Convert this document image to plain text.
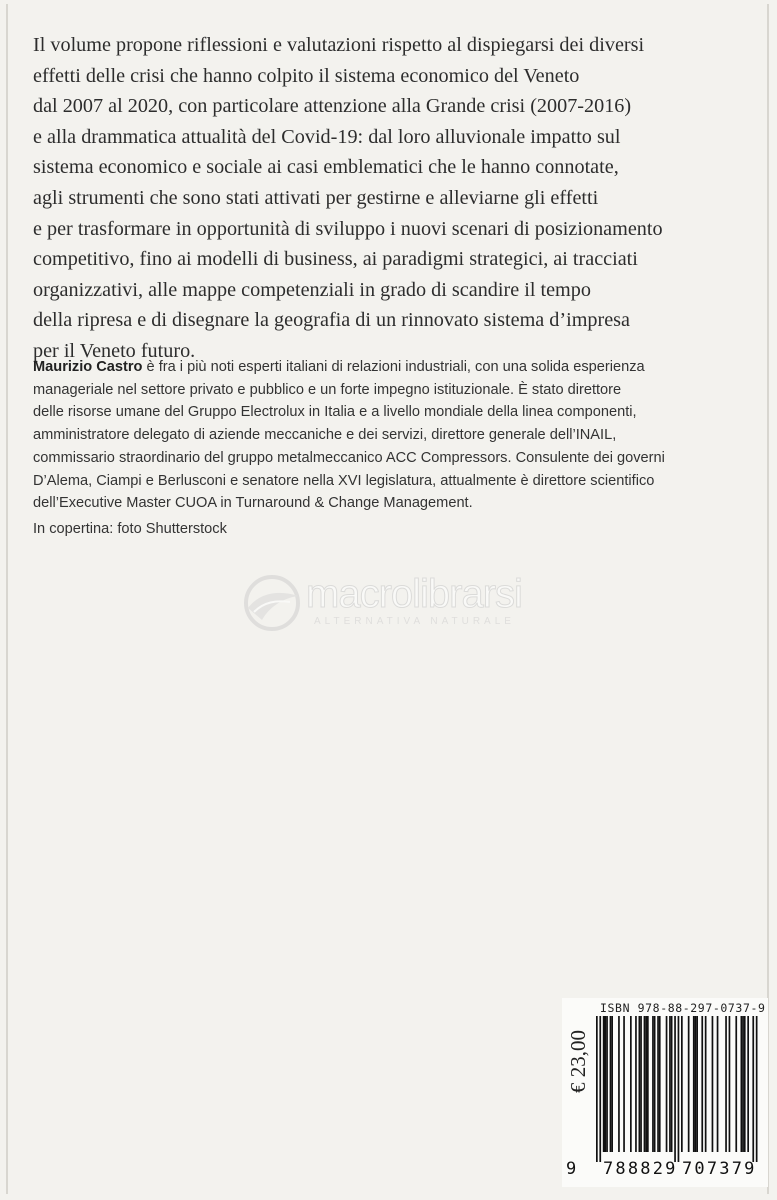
Il volume propone riflessioni e valutazioni rispetto al dispiegarsi dei diversi
effetti delle crisi che hanno colpito il sistema economico del Veneto
dal 2007 al 2020, con particolare attenzione alla Grande crisi (2007-2016)
e alla drammatica attualità del Covid-19: dal loro alluvionale impatto sul
sistema economico e sociale ai casi emblematici che le hanno connotate,
agli strumenti che sono stati attivati per gestirne e alleviarne gli effetti
e per trasformare in opportunità di sviluppo i nuovi scenari di posizionamento
competitivo, fino ai modelli di business, ai paradigmi strategici, ai tracciati
organizzativi, alle mappe competenziali in grado di scandire il tempo
della ripresa e di disegnare la geografia di un rinnovato sistema d’impresa
per il Veneto futuro.
Maurizio Castro è fra i più noti esperti italiani di relazioni industriali, con una solida esperienza
manageriale nel settore privato e pubblico e un forte impegno istituzionale. È stato direttore
delle risorse umane del Gruppo Electrolux in Italia e a livello mondiale della linea componenti,
amministratore delegato di aziende meccaniche e dei servizi, direttore generale dell’INAIL,
commissario straordinario del gruppo metalmeccanico ACC Compressors. Consulente dei governi
D’Alema, Ciampi e Berlusconi e senatore nella XVI legislatura, attualmente è direttore scientifico
dell’Executive Master CUOA in Turnaround & Change Management.
In copertina: foto Shutterstock
macrolibrarsi
ALTERNATIVA NATURALE
ISBN 978-88-297-0737-9
9 788829 707379
